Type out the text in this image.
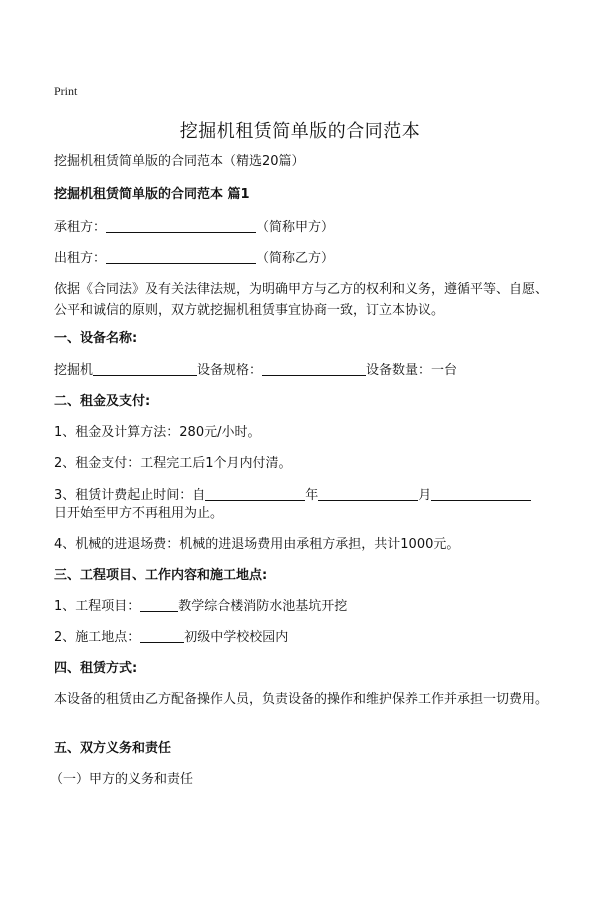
Print
挖掘机租赁简单版的合同范本
挖掘机租赁简单版的合同范本（精选20篇）
挖掘机租赁简单版的合同范本 篇1
承租方：	（简称甲方）
出租方：	（简称乙方）
依据《合同法》及有关法律法规，为明确甲方与乙方的权利和义务，遵循平等、自愿、公平和诚信的原则，双方就挖掘机租赁事宜协商一致，订立本协议。
一、设备名称:
挖掘机	设备规格：	设备数量：一台
二、租金及支付:
1、租金及计算方法：280元/小时。
2、租金支付：工程完工后1个月内付清。
3、租赁计费起止时间：自	年	月
日开始至甲方不再租用为止。
4、机械的进退场费：机械的进退场费用由承租方承担，共计1000元。
三、工程项目、工作内容和施工地点:
1、工程项目：	教学综合楼消防水池基坑开挖
2、施工地点：	初级中学校校园内
四、租赁方式:
本设备的租赁由乙方配备操作人员，负责设备的操作和维护保养工作并承担一切费用。
五、双方义务和责任
（一）甲方的义务和责任
